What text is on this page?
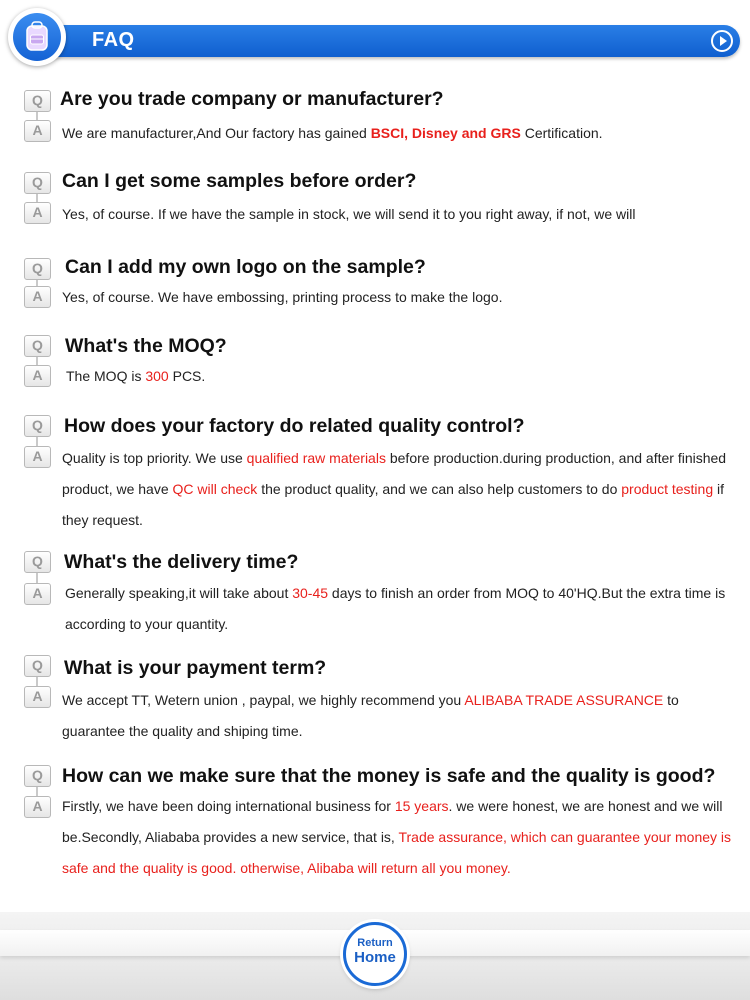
FAQ
Q
A
Are you trade company or manufacturer?

We are manufacturer,And Our factory has gained BSCI, Disney and GRS Certification.

Q
A
Can I get some samples before order?

Yes, of course. If we have the sample in stock, we will send it to you right away, if not, we will

Q
A
Can I add my own logo on the sample?

Yes, of course. We have embossing, printing process to make the logo.

Q
A
What's the MOQ?

The MOQ is 300 PCS.

Q
A
How does your factory do related quality control?

Quality is top priority. We use qualified raw materials before production.during production, and after finished product, we have QC will check the product quality, and we can also help customers to do product testing if they request.

Q
A
What's the delivery time?

Generally speaking,it will take about 30-45 days to finish an order from MOQ to 40'HQ.But the extra time is according to your quantity.

Q
A
What is your payment term?

We accept TT, Wetern union , paypal, we highly recommend you ALIBABA TRADE ASSURANCE to guarantee the quality and shiping time.

Q
A
How can we make sure that the money is safe and the quality is good?

Firstly, we have been doing international business for 15 years. we were honest, we are honest and we will be.Secondly, Aliababa provides a new service, that is, Trade assurance, which can guarantee your money is safe and the quality is good. otherwise, Alibaba will return all you money.

Return
Home
